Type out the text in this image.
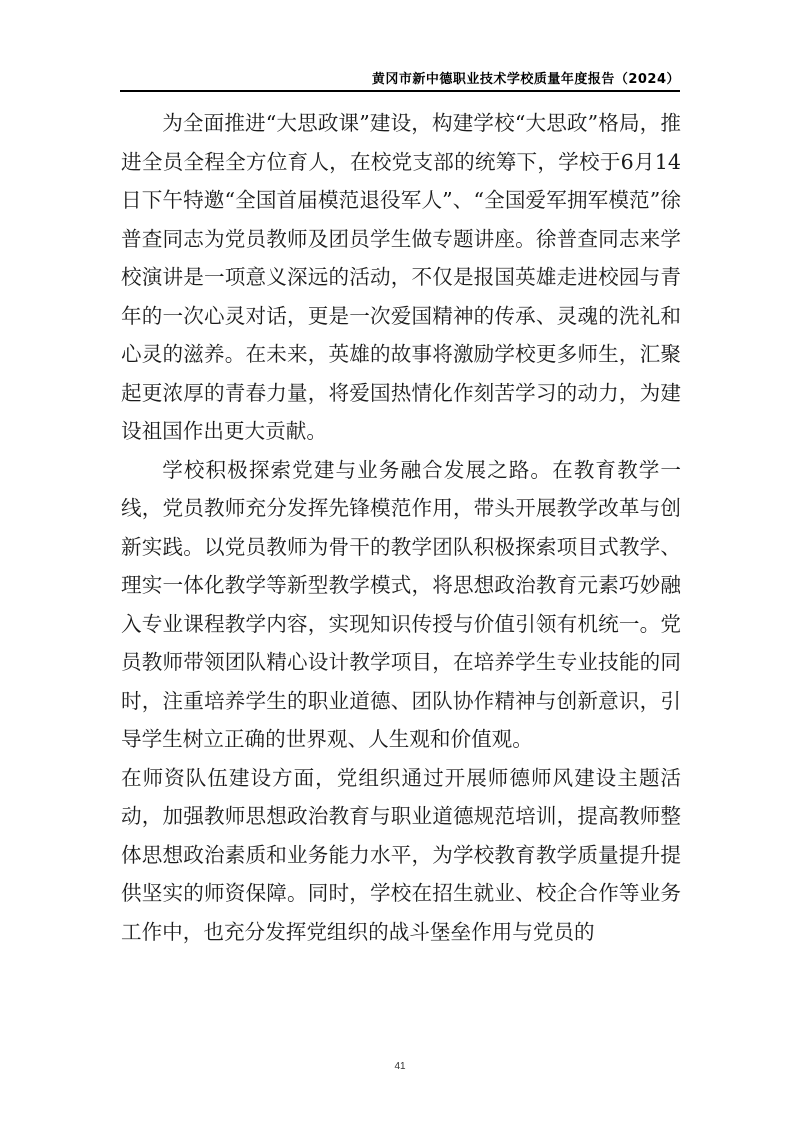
黄冈市新中德职业技术学校质量年度报告（2024）

为全面推进“大思政课”建设，构建学校“大思政”格局，推进全员全程全方位育人，在校党支部的统筹下，学校于6月14日下午特邀“全国首届模范退役军人”、“全国爱军拥军模范”徐普查同志为党员教师及团员学生做专题讲座。徐普查同志来学校演讲是一项意义深远的活动，不仅是报国英雄走进校园与青年的一次心灵对话，更是一次爱国精神的传承、灵魂的洗礼和心灵的滋养。在未来，英雄的故事将激励学校更多师生，汇聚起更浓厚的青春力量，将爱国热情化作刻苦学习的动力，为建设祖国作出更大贡献。

学校积极探索党建与业务融合发展之路。在教育教学一线，党员教师充分发挥先锋模范作用，带头开展教学改革与创新实践。以党员教师为骨干的教学团队积极探索项目式教学、理实一体化教学等新型教学模式，将思想政治教育元素巧妙融入专业课程教学内容，实现知识传授与价值引领有机统一。党员教师带领团队精心设计教学项目，在培养学生专业技能的同时，注重培养学生的职业道德、团队协作精神与创新意识，引导学生树立正确的世界观、人生观和价值观。

在师资队伍建设方面，党组织通过开展师德师风建设主题活动，加强教师思想政治教育与职业道德规范培训，提高教师整体思想政治素质和业务能力水平，为学校教育教学质量提升提供坚实的师资保障。同时，学校在招生就业、校企合作等业务工作中，也充分发挥党组织的战斗堡垒作用与党员的

41
